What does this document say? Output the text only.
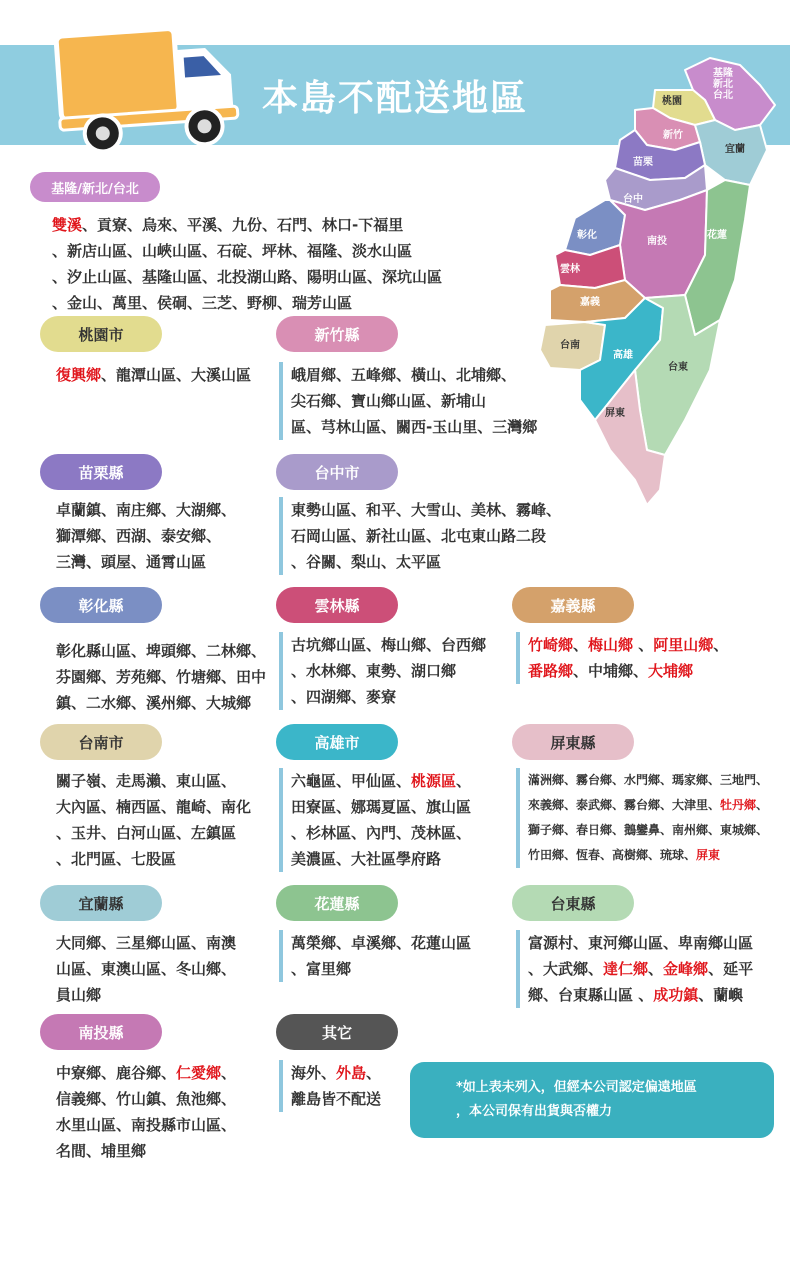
本島不配送地區
基隆新北台北
桃園
新竹
宜蘭
苗栗
台中
彰化
南投
花蓮
雲林
嘉義
台南
高雄
台東
屏東
基隆/新北/台北
雙溪、貢寮、烏來、平溪、九份、石門、林口-下福里
、新店山區、山峽山區、石碇、坪林、福隆、淡水山區
、汐止山區、基隆山區、北投湖山路、陽明山區、深坑山區
、金山、萬里、侯硐、三芝、野柳、瑞芳山區
桃園市
復興鄉、龍潭山區、大溪山區
新竹縣
峨眉鄉、五峰鄉、橫山、北埔鄉、
尖石鄉、寶山鄉山區、新埔山
區、芎林山區、關西-玉山里、三灣鄉
苗栗縣
卓蘭鎮、南庄鄉、大湖鄉、
獅潭鄉、西湖、泰安鄉、
三灣、頭屋、通霄山區
台中市
東勢山區、和平、大雪山、美林、霧峰、
石岡山區、新社山區、北屯東山路二段
、谷關、梨山、太平區
彰化縣
彰化縣山區、埤頭鄉、二林鄉、
芬園鄉、芳苑鄉、竹塘鄉、田中
鎮、二水鄉、溪州鄉、大城鄉
雲林縣
古坑鄉山區、梅山鄉、台西鄉
、水林鄉、東勢、湖口鄉
、四湖鄉、麥寮
嘉義縣
竹崎鄉、梅山鄉 、阿里山鄉、
番路鄉、中埔鄉、大埔鄉
台南市
關子嶺、走馬瀨、東山區、
大內區、楠西區、龍崎、南化
、玉井、白河山區、左鎮區
、北門區、七股區
高雄市
六龜區、甲仙區、桃源區、
田寮區、娜瑪夏區、旗山區
、杉林區、內門、茂林區、
美濃區、大社區學府路
屏東縣
滿洲鄉、霧台鄉、水門鄉、瑪家鄉、三地門、
來義鄉、泰武鄉、霧台鄉、大津里、牡丹鄉、
獅子鄉、春日鄉、鵝鑾鼻、南州鄉、東城鄉、
竹田鄉、恆春、高樹鄉、琉球、屏東
宜蘭縣
大同鄉、三星鄉山區、南澳
山區、東澳山區、冬山鄉、
員山鄉
花蓮縣
萬榮鄉、卓溪鄉、花蓮山區
、富里鄉
台東縣
富源村、東河鄉山區、卑南鄉山區
、大武鄉、達仁鄉、金峰鄉、延平
鄉、台東縣山區 、成功鎮、蘭嶼
南投縣
中寮鄉、鹿谷鄉、仁愛鄉、
信義鄉、竹山鎮、魚池鄉、
水里山區、南投縣市山區、
名間、埔里鄉
其它
海外、外島、
離島皆不配送
*如上表未列入，但經本公司認定偏遠地區
，本公司保有出貨與否權力
